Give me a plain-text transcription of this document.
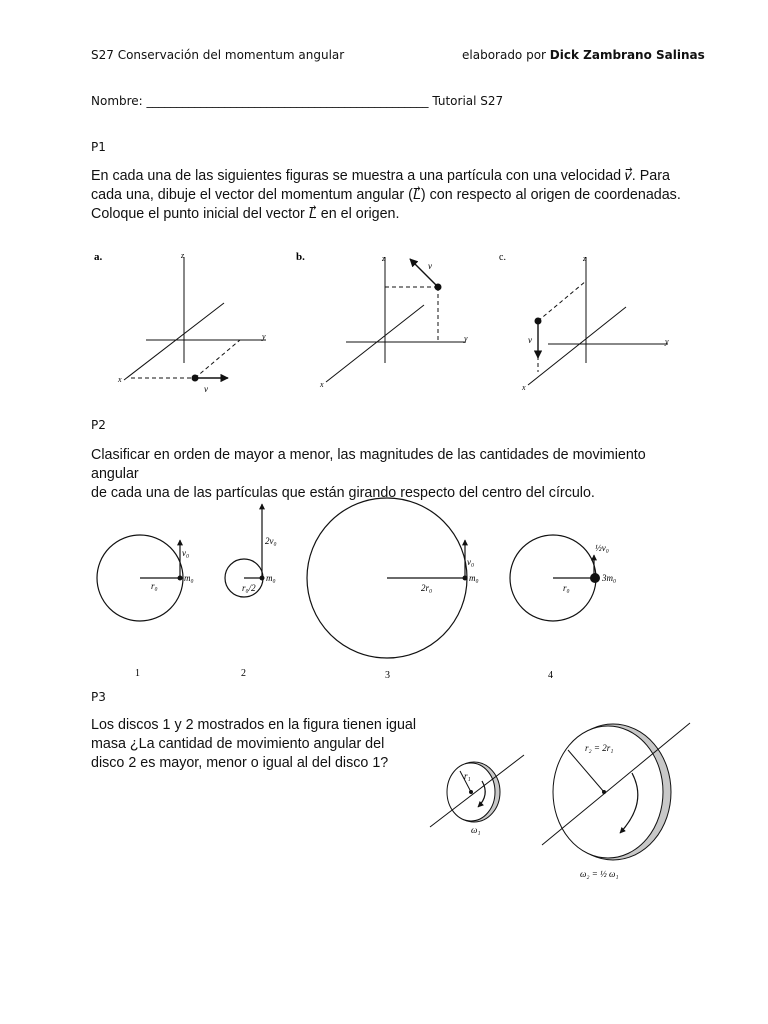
S27 Conservación del momentum angular	elaborado por Dick Zambrano Salinas
Nombre: _______________________________________________ Tutorial S27
P1
En cada una de las siguientes figuras se muestra a una partícula con una velocidad 𝑣⃗. Para
cada una, dibuje el vector del momentum angular (𝐿⃗) con respecto al origen de coordenadas.
Coloque el punto inicial del vector 𝐿⃗ en el origen.
a.	z
y
x
v⃗
b.	z
y
x
v⃗
c.	z
y
x
v⃗
P2
Clasificar en orden de mayor a menor, las magnitudes de las cantidades de movimiento angular
de cada una de las partículas que están girando respecto del centro del círculo.
v₀
r₀
m₀
1
2v₀
r₀/2
m₀
2
v₀
2r₀
m₀
3
½v₀
r₀
3m₀
4
P3
Los discos 1 y 2 mostrados en la figura tienen igual
masa ¿La cantidad de movimiento angular del
disco 2 es mayor, menor o igual al del disco 1?
r₁
ω₁
r₂ = 2r₁
ω₂ = ½ ω₁
